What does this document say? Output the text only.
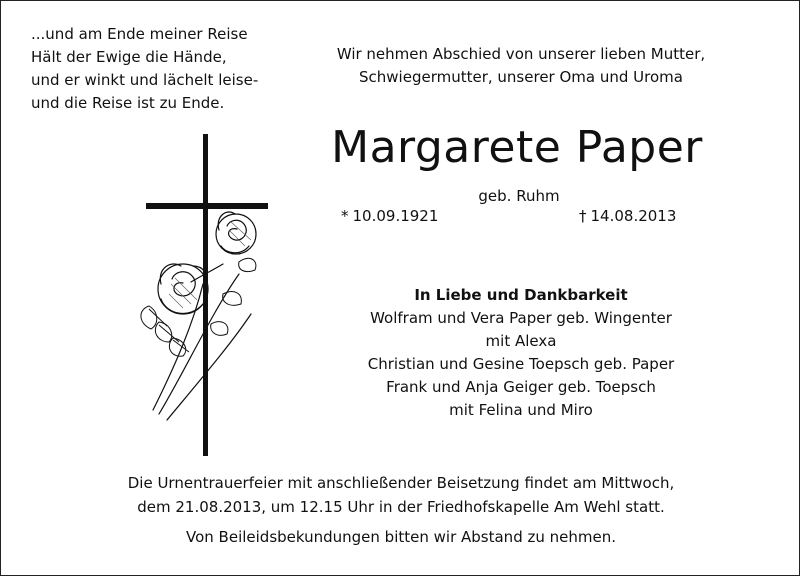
...und am Ende meiner Reise
Hält der Ewige die Hände,
und er winkt und lächelt leise-
und die Reise ist zu Ende.
Wir nehmen Abschied von unserer lieben Mutter,
Schwiegermutter, unserer Oma und Uroma
Margarete Paper
geb. Ruhm
* 10.09.1921	† 14.08.2013
In Liebe und Dankbarkeit
Wolfram und Vera Paper geb. Wingenter
mit Alexa
Christian und Gesine Toepsch geb. Paper
Frank und Anja Geiger geb. Toepsch
mit Felina und Miro
Die Urnentrauerfeier mit anschließender Beisetzung findet am Mittwoch,
dem 21.08.2013, um 12.15 Uhr in der Friedhofskapelle Am Wehl statt.
Von Beileidsbekundungen bitten wir Abstand zu nehmen.
